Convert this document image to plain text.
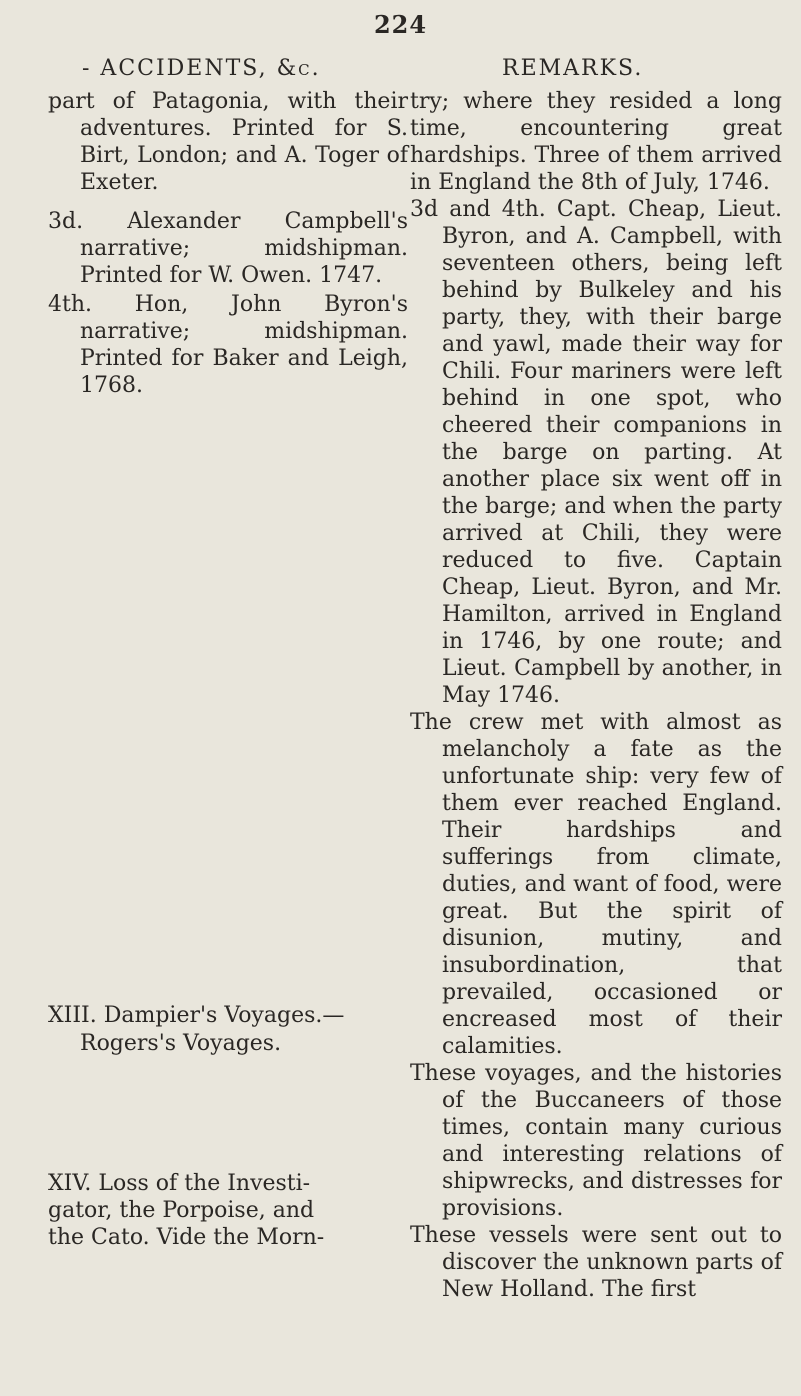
224
- ACCIDENTS, &c.	REMARKS.

part of Patagonia, with their adventures. Printed for S. Birt, London; and A. Toger of Exeter.

3d. Alexander Campbell's narrative; midshipman. Printed for W. Owen. 1747.

4th. Hon, John Byron's narrative; midshipman. Printed for Baker and Leigh, 1768.

XIII. Dampier's Voyages.—
Rogers's Voyages.
XIV. Loss of the Investi-
gator, the Porpoise, and
the Cato. Vide the Morn-

try; where they resided a long time, encountering great hardships. Three of them arrived in England the 8th of July, 1746.

3d and 4th. Capt. Cheap, Lieut. Byron, and A. Campbell, with seventeen others, being left behind by Bulkeley and his party, they, with their barge and yawl, made their way for Chili. Four mariners were left behind in one spot, who cheered their companions in the barge on parting. At another place six went off in the barge; and when the party arrived at Chili, they were reduced to five. Captain Cheap, Lieut. Byron, and Mr. Hamilton, arrived in England in 1746, by one route; and Lieut. Campbell by another, in May 1746.

The crew met with almost as melancholy a fate as the unfortunate ship: very few of them ever reached England. Their hardships and sufferings from climate, duties, and want of food, were great. But the spirit of disunion, mutiny, and insubordination, that prevailed, occasioned or encreased most of their calamities.

These voyages, and the histories of the Buccaneers of those times, contain many curious and interesting relations of shipwrecks, and distresses for provisions.

These vessels were sent out to discover the unknown parts of New Holland. The first
